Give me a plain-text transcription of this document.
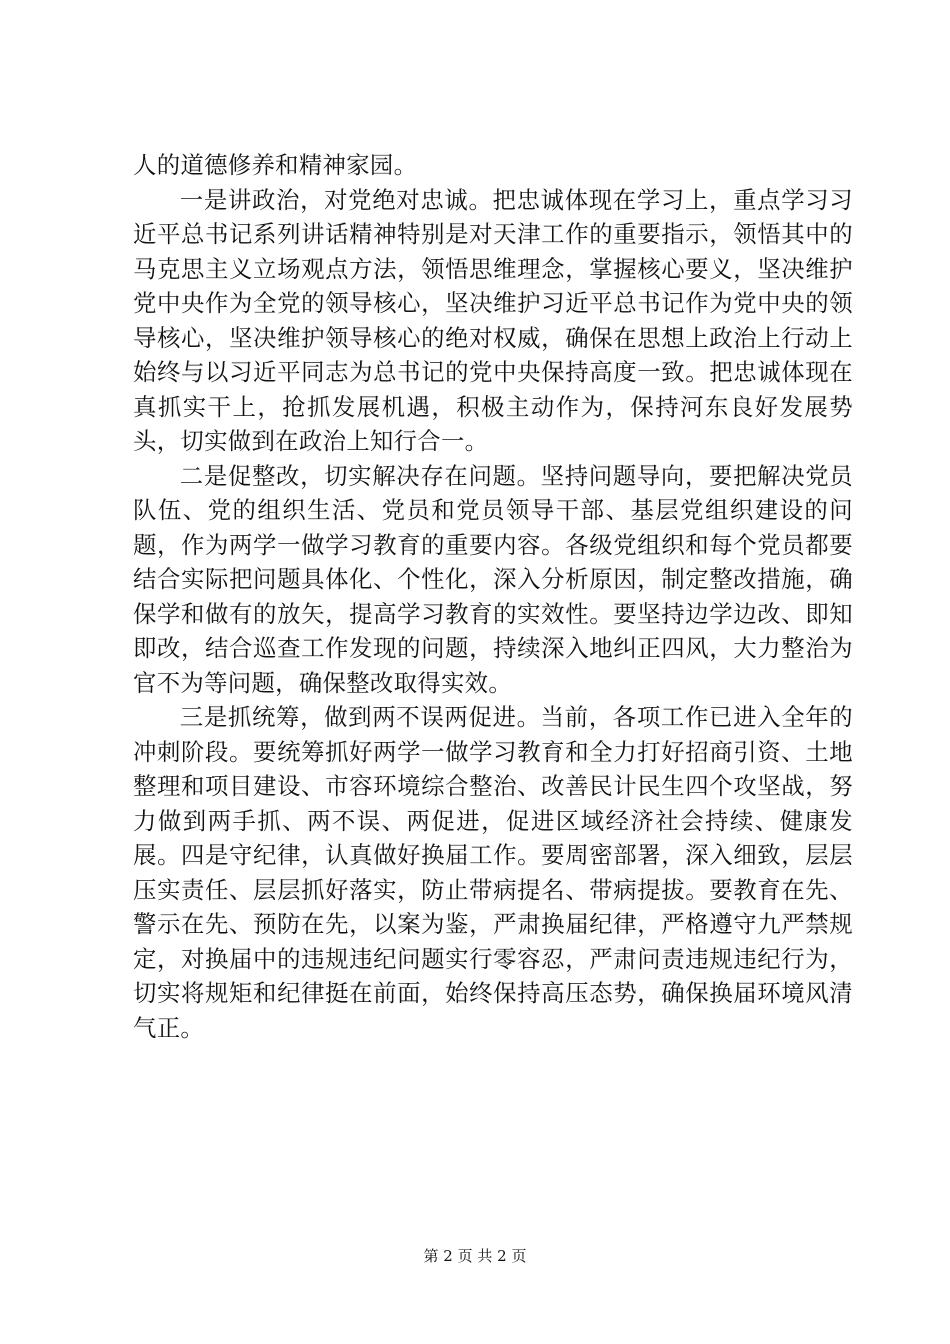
人的道德修养和精神家园。

一是讲政治，对党绝对忠诚。把忠诚体现在学习上，重点学习习近平总书记系列讲话精神特别是对天津工作的重要指示，领悟其中的马克思主义立场观点方法，领悟思维理念，掌握核心要义，坚决维护党中央作为全党的领导核心，坚决维护习近平总书记作为党中央的领导核心，坚决维护领导核心的绝对权威，确保在思想上政治上行动上始终与以习近平同志为总书记的党中央保持高度一致。把忠诚体现在真抓实干上，抢抓发展机遇，积极主动作为，保持河东良好发展势头，切实做到在政治上知行合一。

二是促整改，切实解决存在问题。坚持问题导向，要把解决党员队伍、党的组织生活、党员和党员领导干部、基层党组织建设的问题，作为两学一做学习教育的重要内容。各级党组织和每个党员都要结合实际把问题具体化、个性化，深入分析原因，制定整改措施，确保学和做有的放矢，提高学习教育的实效性。要坚持边学边改、即知即改，结合巡查工作发现的问题，持续深入地纠正四风，大力整治为官不为等问题，确保整改取得实效。

三是抓统筹，做到两不误两促进。当前，各项工作已进入全年的冲刺阶段。要统筹抓好两学一做学习教育和全力打好招商引资、土地整理和项目建设、市容环境综合整治、改善民计民生四个攻坚战，努力做到两手抓、两不误、两促进，促进区域经济社会持续、健康发展。四是守纪律，认真做好换届工作。要周密部署，深入细致，层层压实责任、层层抓好落实，防止带病提名、带病提拔。要教育在先、警示在先、预防在先，以案为鉴，严肃换届纪律，严格遵守九严禁规定，对换届中的违规违纪问题实行零容忍，严肃问责违规违纪行为，切实将规矩和纪律挺在前面，始终保持高压态势，确保换届环境风清气正。

第 2 页 共 2 页
